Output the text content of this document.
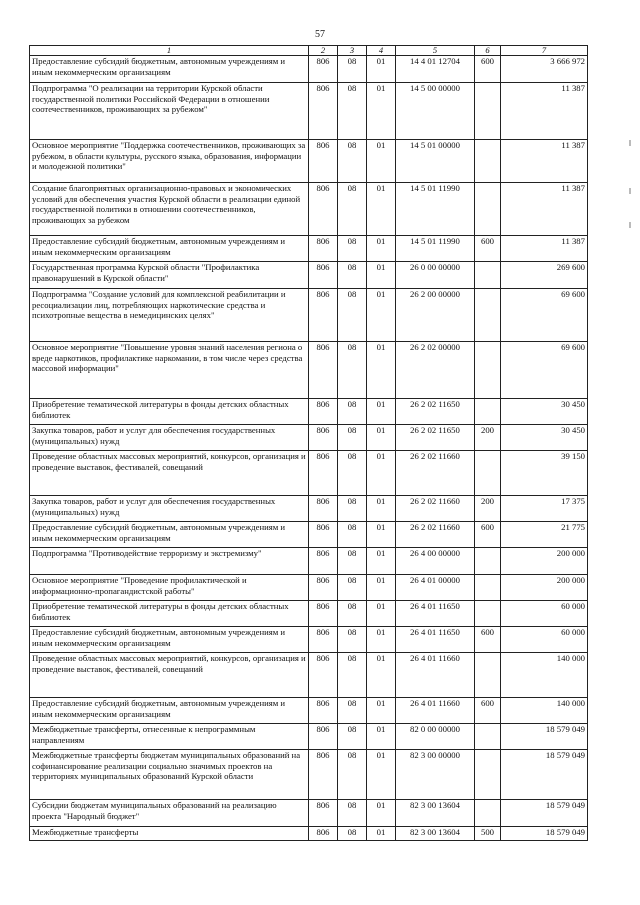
57
1	2	3	4	5	6	7
Предоставление субсидий бюджетным, автономным учреждениям и иным некоммерческим организациям	806	08	01	14 4 01 12704	600	3 666 972
Подпрограмма "О реализации на территории Курской области государственной политики Российской Федерации в отношении соотечественников, проживающих за рубежом"	806	08	01	14 5 00 00000		11 387
Основное мероприятие "Поддержка соотечественников, проживающих за рубежом, в области культуры, русского языка, образования, информации и молодежной политики"	806	08	01	14 5 01 00000		11 387
Создание благоприятных организационно-правовых и экономических условий для обеспечения участия Курской области в реализации единой государственной политики в отношении соотечественников, проживающих за рубежом	806	08	01	14 5 01 11990		11 387
Предоставление субсидий бюджетным, автономным учреждениям и иным некоммерческим организациям	806	08	01	14 5 01 11990	600	11 387
Государственная программа Курской области "Профилактика правонарушений в Курской области"	806	08	01	26 0 00 00000		269 600
Подпрограмма "Создание условий для комплексной реабилитации и ресоциализации лиц, потребляющих наркотические средства и психотропные вещества в немедицинских целях"	806	08	01	26 2 00 00000		69 600
Основное мероприятие "Повышение уровня знаний населения региона о вреде наркотиков, профилактике наркомании, в том числе через средства массовой информации"	806	08	01	26 2 02 00000		69 600
Приобретение тематической литературы в фонды детских областных библиотек	806	08	01	26 2 02 11650		30 450
Закупка товаров, работ и услуг для обеспечения государственных (муниципальных) нужд	806	08	01	26 2 02 11650	200	30 450
Проведение областных массовых мероприятий, конкурсов, организация и проведение выставок, фестивалей, совещаний	806	08	01	26 2 02 11660		39 150
Закупка товаров, работ и услуг для обеспечения государственных (муниципальных) нужд	806	08	01	26 2 02 11660	200	17 375
Предоставление субсидий бюджетным, автономным учреждениям и иным некоммерческим организациям	806	08	01	26 2 02 11660	600	21 775
Подпрограмма "Противодействие терроризму и экстремизму"	806	08	01	26 4 00 00000		200 000
Основное мероприятие "Проведение профилактической и информационно-пропагандистской работы"	806	08	01	26 4 01 00000		200 000
Приобретение тематической литературы в фонды детских областных библиотек	806	08	01	26 4 01 11650		60 000
Предоставление субсидий бюджетным, автономным учреждениям и иным некоммерческим организациям	806	08	01	26 4 01 11650	600	60 000
Проведение областных массовых мероприятий, конкурсов, организация и проведение выставок, фестивалей, совещаний	806	08	01	26 4 01 11660		140 000
Предоставление субсидий бюджетным, автономным учреждениям и иным некоммерческим организациям	806	08	01	26 4 01 11660	600	140 000
Межбюджетные трансферты, отнесенные к непрограммным направлениям	806	08	01	82 0 00 00000		18 579 049
Межбюджетные трансферты бюджетам муниципальных образований на софинансирование реализации социально значимых проектов на территориях муниципальных образований Курской области	806	08	01	82 3 00 00000		18 579 049
Субсидии бюджетам муниципальных образований на реализацию проекта "Народный бюджет"	806	08	01	82 3 00 13604		18 579 049
Межбюджетные трансферты	806	08	01	82 3 00 13604	500	18 579 049
